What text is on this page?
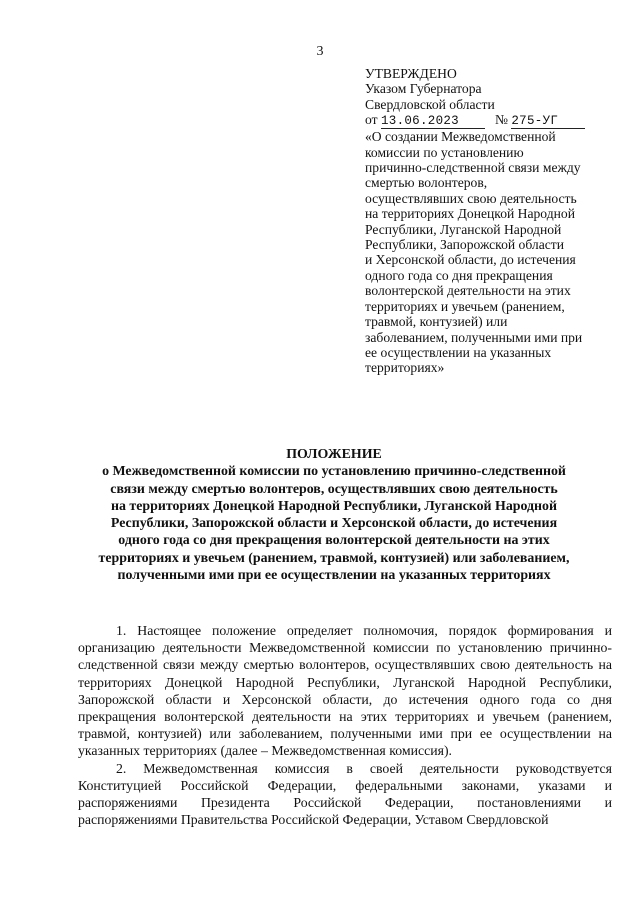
3
УТВЕРЖДЕНО
Указом Губернатора
Свердловской области
от 13.06.2023	№ 275-УГ
«О создании Межведомственной
комиссии по установлению
причинно-следственной связи между
смертью волонтеров,
осуществлявших свою деятельность
на территориях Донецкой Народной
Республики, Луганской Народной
Республики, Запорожской области
и Херсонской области, до истечения
одного года со дня прекращения
волонтерской деятельности на этих
территориях и увечьем (ранением,
травмой, контузией) или
заболеванием, полученными ими при
ее осуществлении на указанных
территориях»
ПОЛОЖЕНИЕ
о Межведомственной комиссии по установлению причинно-следственной
связи между смертью волонтеров, осуществлявших свою деятельность
на территориях Донецкой Народной Республики, Луганской Народной
Республики, Запорожской области и Херсонской области, до истечения
одного года со дня прекращения волонтерской деятельности на этих
территориях и увечьем (ранением, травмой, контузией) или заболеванием,
полученными ими при ее осуществлении на указанных территориях

1. Настоящее положение определяет полномочия, порядок формирования и организацию деятельности Межведомственной комиссии по установлению причинно-следственной связи между смертью волонтеров, осуществлявших свою деятельность на территориях Донецкой Народной Республики, Луганской Народной Республики, Запорожской области и Херсонской области, до истечения одного года со дня прекращения волонтерской деятельности на этих территориях и увечьем (ранением, травмой, контузией) или заболеванием, полученными ими при ее осуществлении на указанных территориях (далее – Межведомственная комиссия).

2. Межведомственная комиссия в своей деятельности руководствуется Конституцией Российской Федерации, федеральными законами, указами и распоряжениями Президента Российской Федерации, постановлениями и распоряжениями Правительства Российской Федерации, Уставом Свердловской
